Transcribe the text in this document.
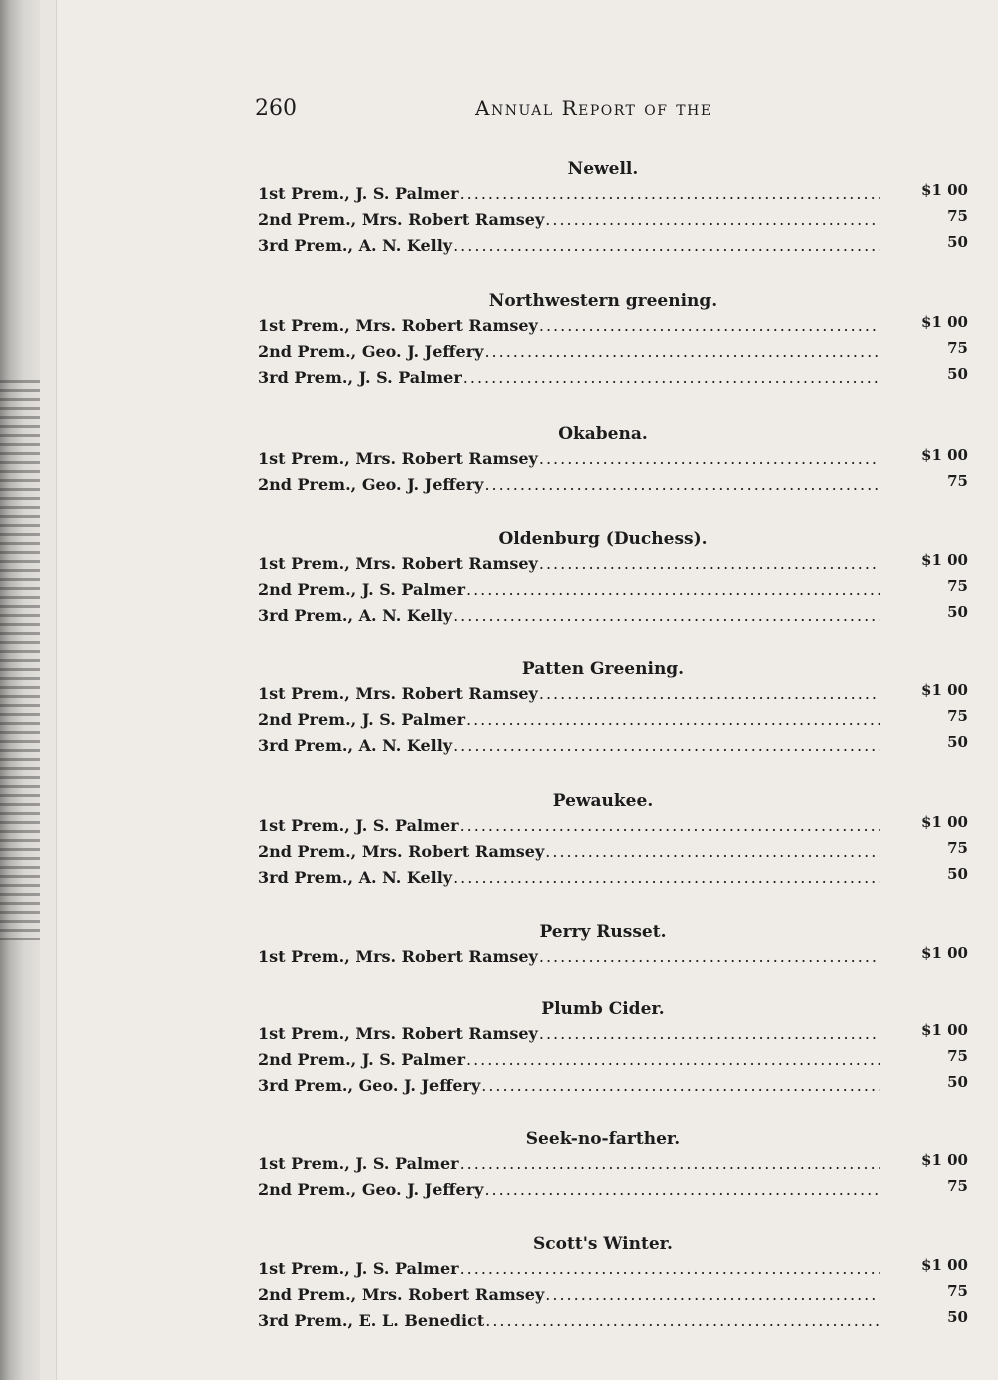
260	Annual Report of the
Newell.
1st Prem., J. S. Palmer .....	$1 00
2nd Prem., Mrs. Robert Ramsey .....	75
3rd Prem., A. N. Kelly .....	50
Northwestern greening.
1st Prem., Mrs. Robert Ramsey .....	$1 00
2nd Prem., Geo. J. Jeffery .....	75
3rd Prem., J. S. Palmer .....	50
Okabena.
1st Prem., Mrs. Robert Ramsey .....	$1 00
2nd Prem., Geo. J. Jeffery .....	75
Oldenburg (Duchess).
1st Prem., Mrs. Robert Ramsey .....	$1 00
2nd Prem., J. S. Palmer .....	75
3rd Prem., A. N. Kelly .....	50
Patten Greening.
1st Prem., Mrs. Robert Ramsey .....	$1 00
2nd Prem., J. S. Palmer .....	75
3rd Prem., A. N. Kelly .....	50
Pewaukee.
1st Prem., J. S. Palmer .....	$1 00
2nd Prem., Mrs. Robert Ramsey .....	75
3rd Prem., A. N. Kelly .....	50
Perry Russet.
1st Prem., Mrs. Robert Ramsey .....	$1 00
Plumb Cider.
1st Prem., Mrs. Robert Ramsey .....	$1 00
2nd Prem., J. S. Palmer .....	75
3rd Prem., Geo. J. Jeffery .....	50
Seek-no-farther.
1st Prem., J. S. Palmer .....	$1 00
2nd Prem., Geo. J. Jeffery .....	75
Scott's Winter.
1st Prem., J. S. Palmer .....	$1 00
2nd Prem., Mrs. Robert Ramsey .....	75
3rd Prem., E. L. Benedict .....	50
